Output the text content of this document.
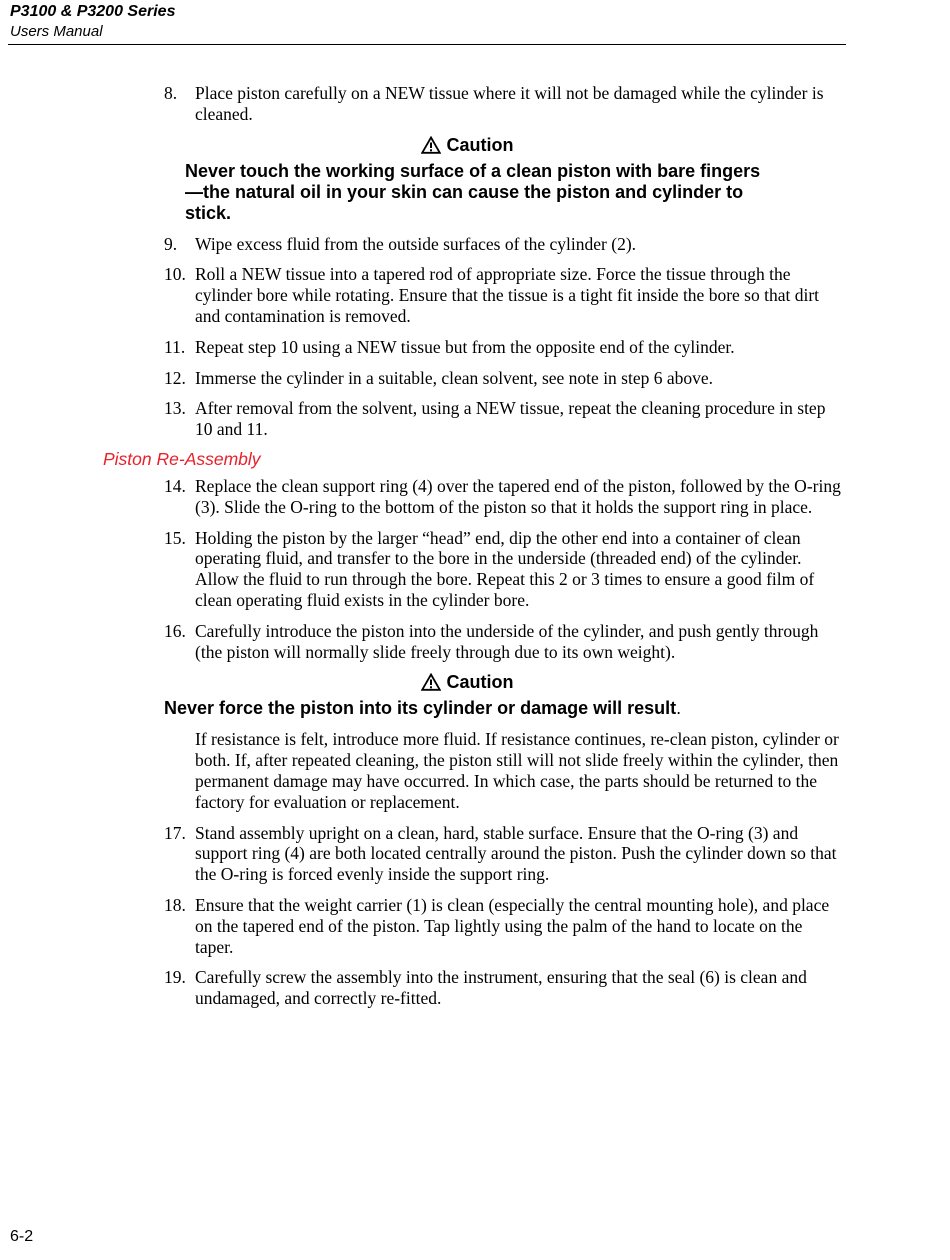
P3100 & P3200 Series
Users Manual
8. Place piston carefully on a NEW tissue where it will not be damaged while the cylinder is cleaned.
Caution
Never touch the working surface of a clean piston with bare fingers—the natural oil in your skin can cause the piston and cylinder to stick.
9. Wipe excess fluid from the outside surfaces of the cylinder (2).
10. Roll a NEW tissue into a tapered rod of appropriate size. Force the tissue through the cylinder bore while rotating. Ensure that the tissue is a tight fit inside the bore so that dirt and contamination is removed.
11. Repeat step 10 using a NEW tissue but from the opposite end of the cylinder.
12. Immerse the cylinder in a suitable, clean solvent, see note in step 6 above.
13. After removal from the solvent, using a NEW tissue, repeat the cleaning procedure in step 10 and 11.
Piston Re-Assembly
14. Replace the clean support ring (4) over the tapered end of the piston, followed by the O-ring (3). Slide the O-ring to the bottom of the piston so that it holds the support ring in place.
15. Holding the piston by the larger “head” end, dip the other end into a container of clean operating fluid, and transfer to the bore in the underside (threaded end) of the cylinder. Allow the fluid to run through the bore. Repeat this 2 or 3 times to ensure a good film of clean operating fluid exists in the cylinder bore.
16. Carefully introduce the piston into the underside of the cylinder, and push gently through (the piston will normally slide freely through due to its own weight).
Caution
Never force the piston into its cylinder or damage will result.
If resistance is felt, introduce more fluid. If resistance continues, re-clean piston, cylinder or both. If, after repeated cleaning, the piston still will not slide freely within the cylinder, then permanent damage may have occurred. In which case, the parts should be returned to the factory for evaluation or replacement.
17. Stand assembly upright on a clean, hard, stable surface. Ensure that the O-ring (3) and support ring (4) are both located centrally around the piston. Push the cylinder down so that the O-ring is forced evenly inside the support ring.
18. Ensure that the weight carrier (1) is clean (especially the central mounting hole), and place on the tapered end of the piston. Tap lightly using the palm of the hand to locate on the taper.
19. Carefully screw the assembly into the instrument, ensuring that the seal (6) is clean and undamaged, and correctly re-fitted.
6-2
